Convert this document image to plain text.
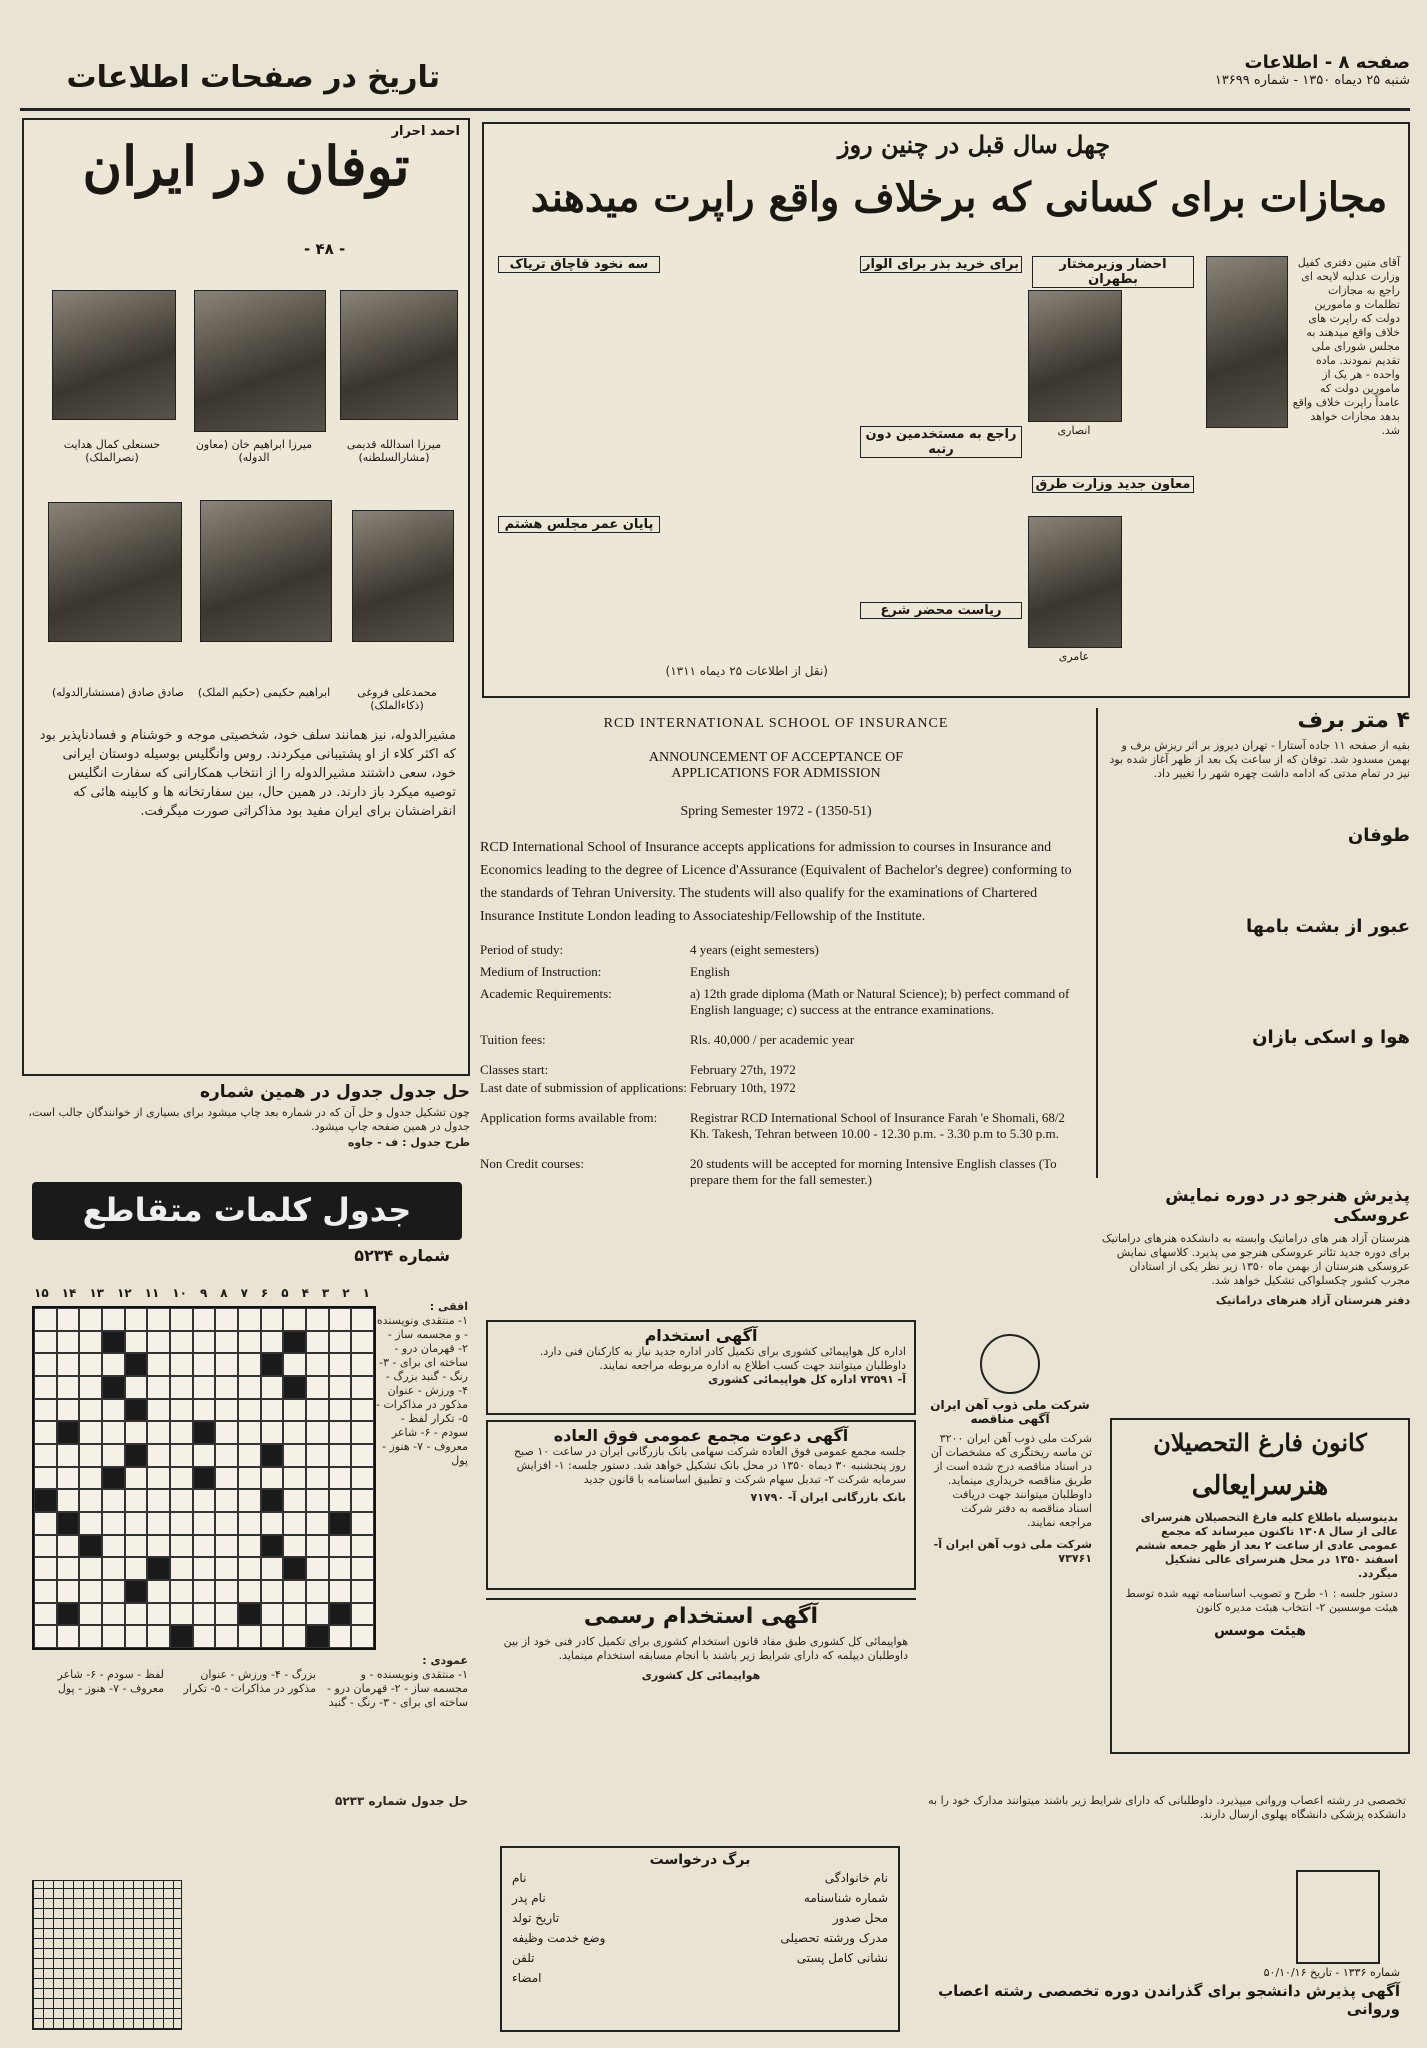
صفحه ۸ - اطلاعات
شنبه ۲۵ دیماه ۱۳۵۰ - شماره ۱۳۶۹۹
تاریخ در صفحات اطلاعات
احمد احرار
توفان در ایران
- ۴۸ -
میرزا اسدالله قدیمی (مشارالسلطنه)
میرزا ابراهیم خان (معاون الدوله)
حسنعلی کمال هدایت (نصرالملک)
محمدعلی فروغی (ذکاءالملک)
ابراهیم حکیمی (حکیم الملک)
صادق صادق (مستشارالدوله)
مشیرالدوله، نیز همانند سلف خود، شخصیتی موجه و خوشنام و فسادناپذیر بود که اکثر کلاء از او پشتیبانی میکردند. روس وانگلیس بوسیله دوستان ایرانی خود، سعی داشتند مشیرالدوله را از انتخاب همکارانی که سفارت انگلیس توصیه میکرد باز دارند. در همین حال، بین سفارتخانه ها و کابینه هائی که انقراضشان برای ایران مفید بود مذاکراتی صورت میگرفت.
چهل سال قبل در چنین روز
مجازات برای کسانی که برخلاف واقع راپرت میدهند
انصاری
عامری
احضار وزیرمختار بطهران
برای خرید بذر برای الوار
سه نخود قاچاق تریاک
راجع به مستخدمین دون رتبه
معاون جدید وزارت طرق
ریاست محضر شرع
پایان عمر مجلس هشتم
آقای متین دفتری کفیل وزارت عدلیه لایحه ای راجع به مجازات تظلمات و مامورین دولت که راپرت های خلاف واقع میدهند به مجلس شورای ملی تقدیم نمودند. ماده واحده - هر یک از مامورین دولت که عامداً راپرت خلاف واقع بدهد مجازات خواهد شد.
(نقل از اطلاعات ۲۵ دیماه ۱۳۱۱)
RCD INTERNATIONAL SCHOOL OF INSURANCE
ANNOUNCEMENT OF ACCEPTANCE OF APPLICATIONS FOR ADMISSION
Spring Semester 1972 - (1350-51)
RCD International School of Insurance accepts applications for admission to courses in Insurance and Economics leading to the degree of Licence d'Assurance (Equivalent of Bachelor's degree) conforming to the standards of Tehran University. The students will also qualify for the examinations of Chartered Insurance Institute London leading to Associateship/Fellowship of the Institute.
Period of study:	4 years (eight semesters)
Medium of Instruction:	English
Academic Requirements:	a) 12th grade diploma (Math or Natural Science); b) perfect command of English language; c) success at the entrance examinations.
Tuition fees:	Rls. 40,000 / per academic year
Classes start:	February 27th, 1972
Last date of submission of applications: February 10th, 1972
Application forms available from:	Registrar RCD International School of Insurance Farah 'e Shomali, 68/2 Kh. Takesh, Tehran between 10.00 - 12.30 p.m. - 3.30 p.m to 5.30 p.m.
Non Credit courses:	20 students will be accepted for morning Intensive English classes (To prepare them for the fall semester.)
۴ متر برف
بقیه از صفحه ۱۱ جاده آستارا - تهران دیروز بر اثر ریزش برف و بهمن مسدود شد. توفان که از ساعت یک بعد از ظهر آغاز شده بود نیز در تمام مدتی که ادامه داشت چهره شهر را تغییر داد.
طوفان
عبور از بشت بامها
هوا و اسکی بازان
حل جدول جدول در همین شماره
چون تشکیل جدول و حل آن که در شماره بعد چاپ میشود برای بسیاری از خوانندگان جالب است، جدول در همین صفحه چاپ میشود.
طرح جدول : ف - جاوه
جدول کلمات متقاطع
شماره ۵۲۳۴
۱۵ ۱۴ ۱۳ ۱۲ ۱۱ ۱۰ ۹ ۸ ۷ ۶ ۵ ۴ ۳ ۲ ۱
افقی :
۱- منتقدی ونویسنده - و مجسمه ساز - ۲- قهرمان درو - ساخته ای برای - ۳- رنگ - گنبد بزرگ - ۴- ورزش - عنوان مذکور در مذاکرات - ۵- تکرار لفظ - سودم - ۶- شاعر معروف - ۷- هنوز - پول
عمودی :
۱- منتقدی ونویسنده - و مجسمه ساز - ۲- قهرمان درو - ساخته ای برای - ۳- رنگ - گنبد بزرگ - ۴- ورزش - عنوان مذکور در مذاکرات - ۵- تکرار لفظ - سودم - ۶- شاعر معروف - ۷- هنوز - پول
حل جدول شماره ۵۲۳۳
پذیرش هنرجو در دوره نمایش عروسکی
هنرستان آزاد هنر های دراماتیک وابسته به دانشکده هنرهای دراماتیک برای دوره جدید تئاتر عروسکی هنرجو می پذیرد. کلاسهای نمایش عروسکی هنرستان از بهمن ماه ۱۳۵۰ زیر نظر یکی از استادان مجرب کشور چکسلواکی تشکیل خواهد شد.
دفتر هنرستان آزاد هنرهای دراماتیک
آگهی استخدام
اداره کل هواپیمائی کشوری برای تکمیل کادر اداره جدید نیاز به کارکنان فنی دارد. داوطلبان میتوانند جهت کسب اطلاع به اداره مربوطه مراجعه نمایند.
آ- ۷۳۵۹۱ اداره کل هواپیمائی کشوری
آگهی دعوت مجمع عمومی فوق العاده
جلسه مجمع عمومی فوق العاده شرکت سهامی بانک بازرگانی ایران در ساعت ۱۰ صبح روز پنجشنبه ۳۰ دیماه ۱۳۵۰ در محل بانک تشکیل خواهد شد. دستور جلسه: ۱- افزایش سرمایه شرکت ۲- تبدیل سهام شرکت و تطبیق اساسنامه با قانون جدید
بانک بازرگانی ایران آ- ۷۱۷۹۰
آگهی استخدام رسمی
هواپیمائی کل کشوری طبق مفاد قانون استخدام کشوری برای تکمیل کادر فنی خود از بین داوطلبان دیپلمه که دارای شرایط زیر باشند با انجام مسابقه استخدام مینماید.
هواپیمائی کل کشوری
برگ درخواست
نام خانوادگی
نام
شماره شناسنامه
نام پدر
محل صدور
تاریخ تولد
مدرک ورشته تحصیلی
وضع خدمت وظیفه
نشانی کامل پستی
تلفن
امضاء
شرکت ملی ذوب آهن ایران
آگهی مناقصه
شرکت ملی ذوب آهن ایران ۳۲۰۰ تن ماسه ریختگری که مشخصات آن در اسناد مناقصه درج شده است از طریق مناقصه خریداری مینماید. داوطلبان میتوانند جهت دریافت اسناد مناقصه به دفتر شرکت مراجعه نمایند.
شرکت ملی ذوب آهن ایران آ- ۷۳۷۶۱
کانون فارغ التحصیلان
هنرسرایعالی
بدینوسیله باطلاع کلیه فارغ التحصیلان هنرسرای عالی از سال ۱۳۰۸ تاکنون میرساند که مجمع عمومی عادی از ساعت ۲ بعد از ظهر جمعه ششم اسفند ۱۳۵۰ در محل هنرسرای عالی تشکیل میگردد.
دستور جلسه : ۱- طرح و تصویب اساسنامه تهیه شده توسط هیئت موسسین ۲- انتخاب هیئت مدیره کانون
هیئت موسس
تخصصی در رشته اعصاب وروانی میپذیرد. داوطلبانی که دارای شرایط زیر باشند میتوانند مدارک خود را به دانشکده پزشکی دانشگاه پهلوی ارسال دارند.
شماره ۱۳۳۶ - تاریخ ۵۰/۱۰/۱۶
آگهی پذیرش دانشجو برای گذراندن دوره تخصصی رشته اعصاب وروانی
